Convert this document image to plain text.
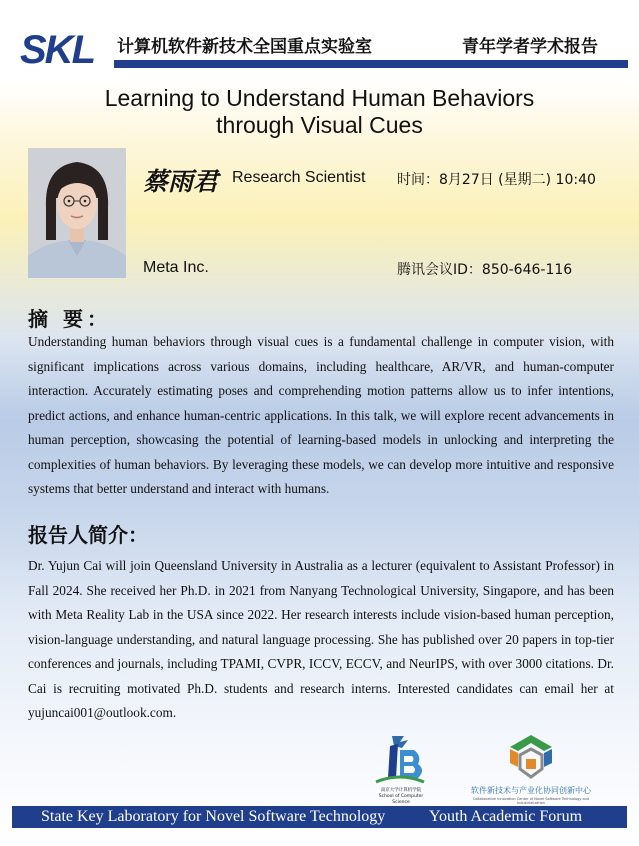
SKL 计算机软件新技术全国重点实验室	青年学者学术报告
Learning to Understand Human Behaviors
through Visual Cues
蔡雨君 Research Scientist 时间：8月27日 (星期二) 10:40
Meta Inc.	腾讯会议ID：850-646-116
摘 要：
Understanding human behaviors through visual cues is a fundamental challenge in computer vision, with significant implications across various domains, including healthcare, AR/VR, and human-computer interaction. Accurately estimating poses and comprehending motion patterns allow us to infer intentions, predict actions, and enhance human-centric applications. In this talk, we will explore recent advancements in human perception, showcasing the potential of learning-based models in unlocking and interpreting the complexities of human behaviors. By leveraging these models, we can develop more intuitive and responsive systems that better understand and interact with humans.
报告人简介：
Dr. Yujun Cai will join Queensland University in Australia as a lecturer (equivalent to Assistant Professor) in Fall 2024. She received her Ph.D. in 2021 from Nanyang Technological University, Singapore, and has been with Meta Reality Lab in the USA since 2022. Her research interests include vision-based human perception, vision-language understanding, and natural language processing. She has published over 20 papers in top-tier conferences and journals, including TPAMI, CVPR, ICCV, ECCV, and NeurIPS, with over 3000 citations. Dr. Cai is recruiting motivated Ph.D. students and research interns. Interested candidates can email her at yujuncai001@outlook.com.
南京大学计算机学院
School of Computer Science
软件新技术与产业化协同创新中心
Collaborative Innovation Center of Novel Software Technology and Industrialization
State Key Laboratory for Novel Software Technology	Youth Academic Forum
